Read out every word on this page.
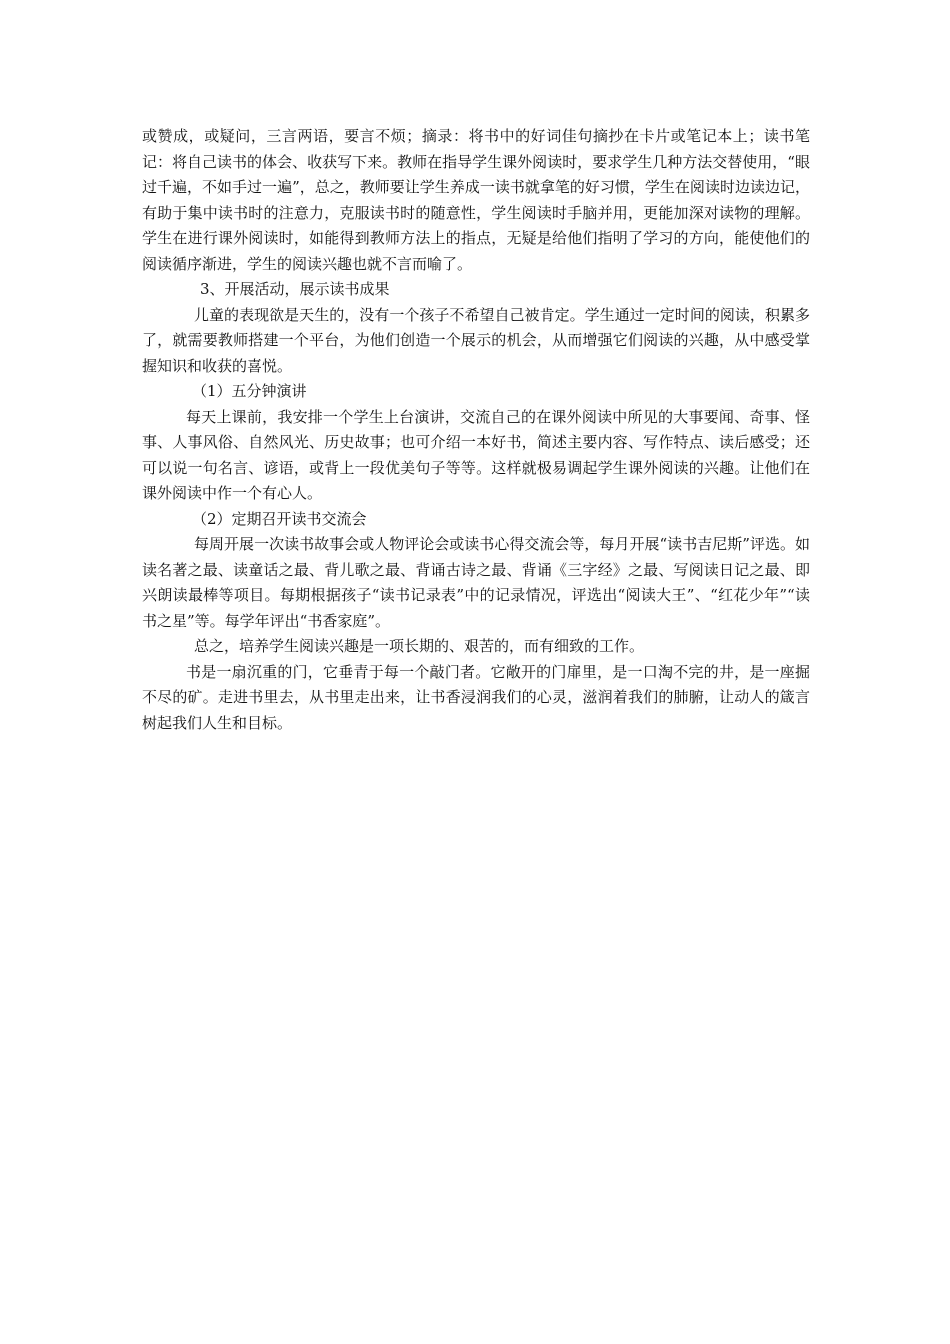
或赞成，或疑问，三言两语，要言不烦；摘录：将书中的好词佳句摘抄在卡片或笔记本上；读书笔记：将自己读书的体会、收获写下来。教师在指导学生课外阅读时，要求学生几种方法交替使用，“眼过千遍，不如手过一遍”，总之，教师要让学生养成一读书就拿笔的好习惯，学生在阅读时边读边记，有助于集中读书时的注意力，克服读书时的随意性，学生阅读时手脑并用，更能加深对读物的理解。学生在进行课外阅读时，如能得到教师方法上的指点，无疑是给他们指明了学习的方向，能使他们的阅读循序渐进，学生的阅读兴趣也就不言而喻了。

3、开展活动，展示读书成果

儿童的表现欲是天生的，没有一个孩子不希望自己被肯定。学生通过一定时间的阅读，积累多了，就需要教师搭建一个平台，为他们创造一个展示的机会，从而增强它们阅读的兴趣，从中感受掌握知识和收获的喜悦。

（1）五分钟演讲

每天上课前，我安排一个学生上台演讲，交流自己的在课外阅读中所见的大事要闻、奇事、怪事、人事风俗、自然风光、历史故事；也可介绍一本好书，简述主要内容、写作特点、读后感受；还可以说一句名言、谚语，或背上一段优美句子等等。这样就极易调起学生课外阅读的兴趣。让他们在课外阅读中作一个有心人。

（2）定期召开读书交流会

每周开展一次读书故事会或人物评论会或读书心得交流会等，每月开展“读书吉尼斯”评选。如读名著之最、读童话之最、背儿歌之最、背诵古诗之最、背诵《三字经》之最、写阅读日记之最、即兴朗读最棒等项目。每期根据孩子“读书记录表”中的记录情况，评选出“阅读大王”、“红花少年”“读书之星”等。每学年评出“书香家庭”。

总之，培养学生阅读兴趣是一项长期的、艰苦的，而有细致的工作。

书是一扇沉重的门，它垂青于每一个敲门者。它敞开的门扉里，是一口淘不完的井，是一座掘不尽的矿。走进书里去，从书里走出来，让书香浸润我们的心灵，滋润着我们的肺腑，让动人的箴言树起我们人生和目标。
